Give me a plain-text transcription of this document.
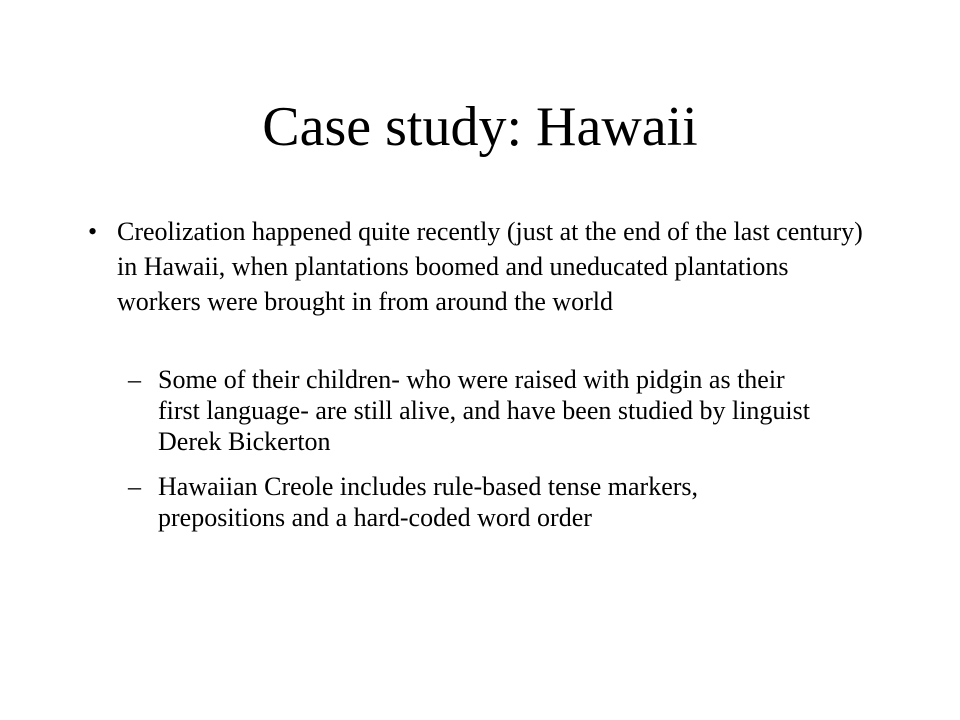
Case study: Hawaii
• Creolization happened quite recently (just at the end of the last century) in Hawaii, when plantations boomed and uneducated plantations workers were brought in from around the world
– Some of their children- who were raised with pidgin as their first language- are still alive, and have been studied by linguist Derek Bickerton
– Hawaiian Creole includes rule-based tense markers, prepositions and a hard-coded word order
